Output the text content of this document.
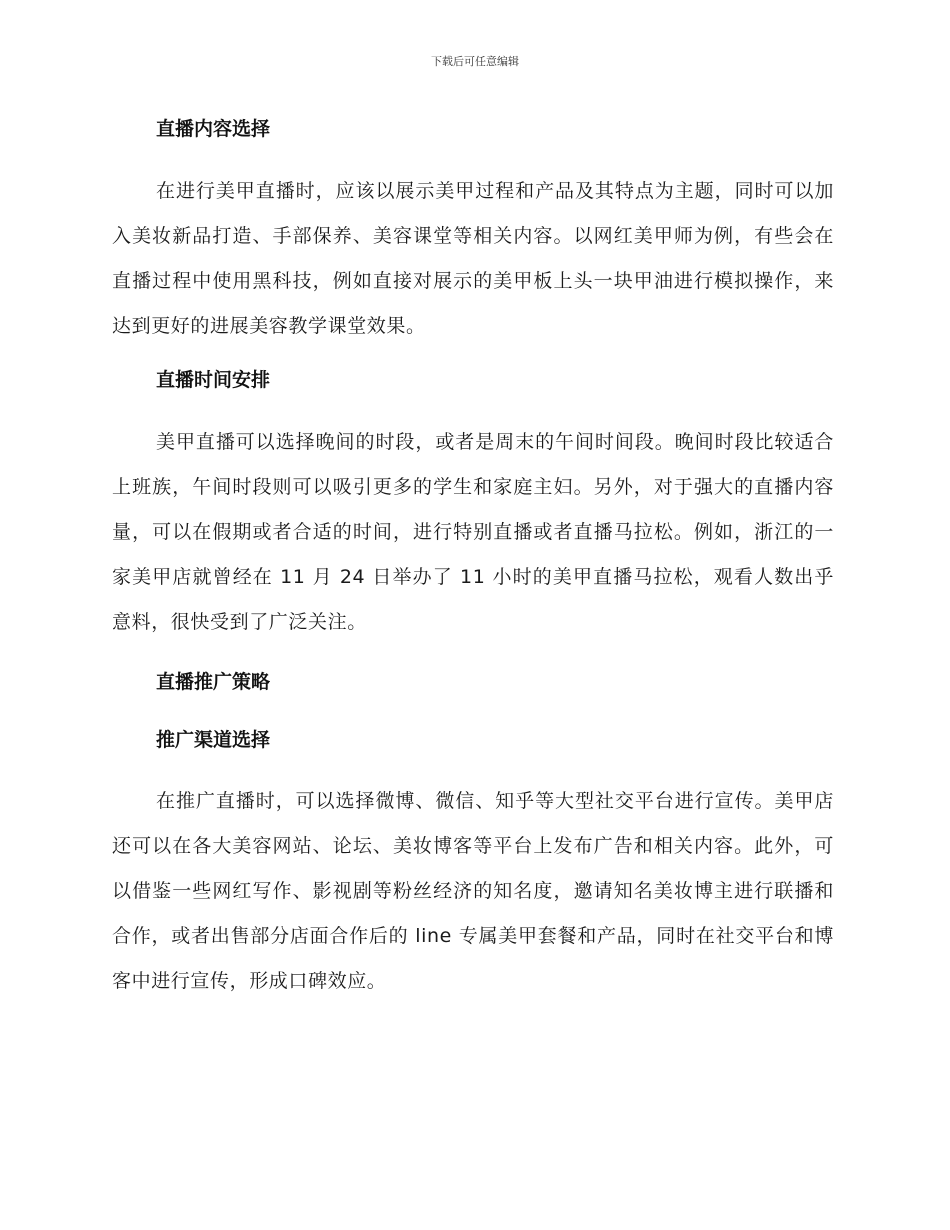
下载后可任意编辑
直播内容选择

在进行美甲直播时，应该以展示美甲过程和产品及其特点为主题，同时可以加入美妆新品打造、手部保养、美容课堂等相关内容。以网红美甲师为例，有些会在直播过程中使用黑科技，例如直接对展示的美甲板上头一块甲油进行模拟操作，来达到更好的进展美容教学课堂效果。

直播时间安排

美甲直播可以选择晚间的时段，或者是周末的午间时间段。晚间时段比较适合上班族，午间时段则可以吸引更多的学生和家庭主妇。另外，对于强大的直播内容量，可以在假期或者合适的时间，进行特别直播或者直播马拉松。例如，浙江的一家美甲店就曾经在 11 月 24 日举办了 11 小时的美甲直播马拉松，观看人数出乎意料，很快受到了广泛关注。

直播推广策略
推广渠道选择

在推广直播时，可以选择微博、微信、知乎等大型社交平台进行宣传。美甲店还可以在各大美容网站、论坛、美妆博客等平台上发布广告和相关内容。此外，可以借鉴一些网红写作、影视剧等粉丝经济的知名度，邀请知名美妆博主进行联播和合作，或者出售部分店面合作后的 line 专属美甲套餐和产品，同时在社交平台和博客中进行宣传，形成口碑效应。
